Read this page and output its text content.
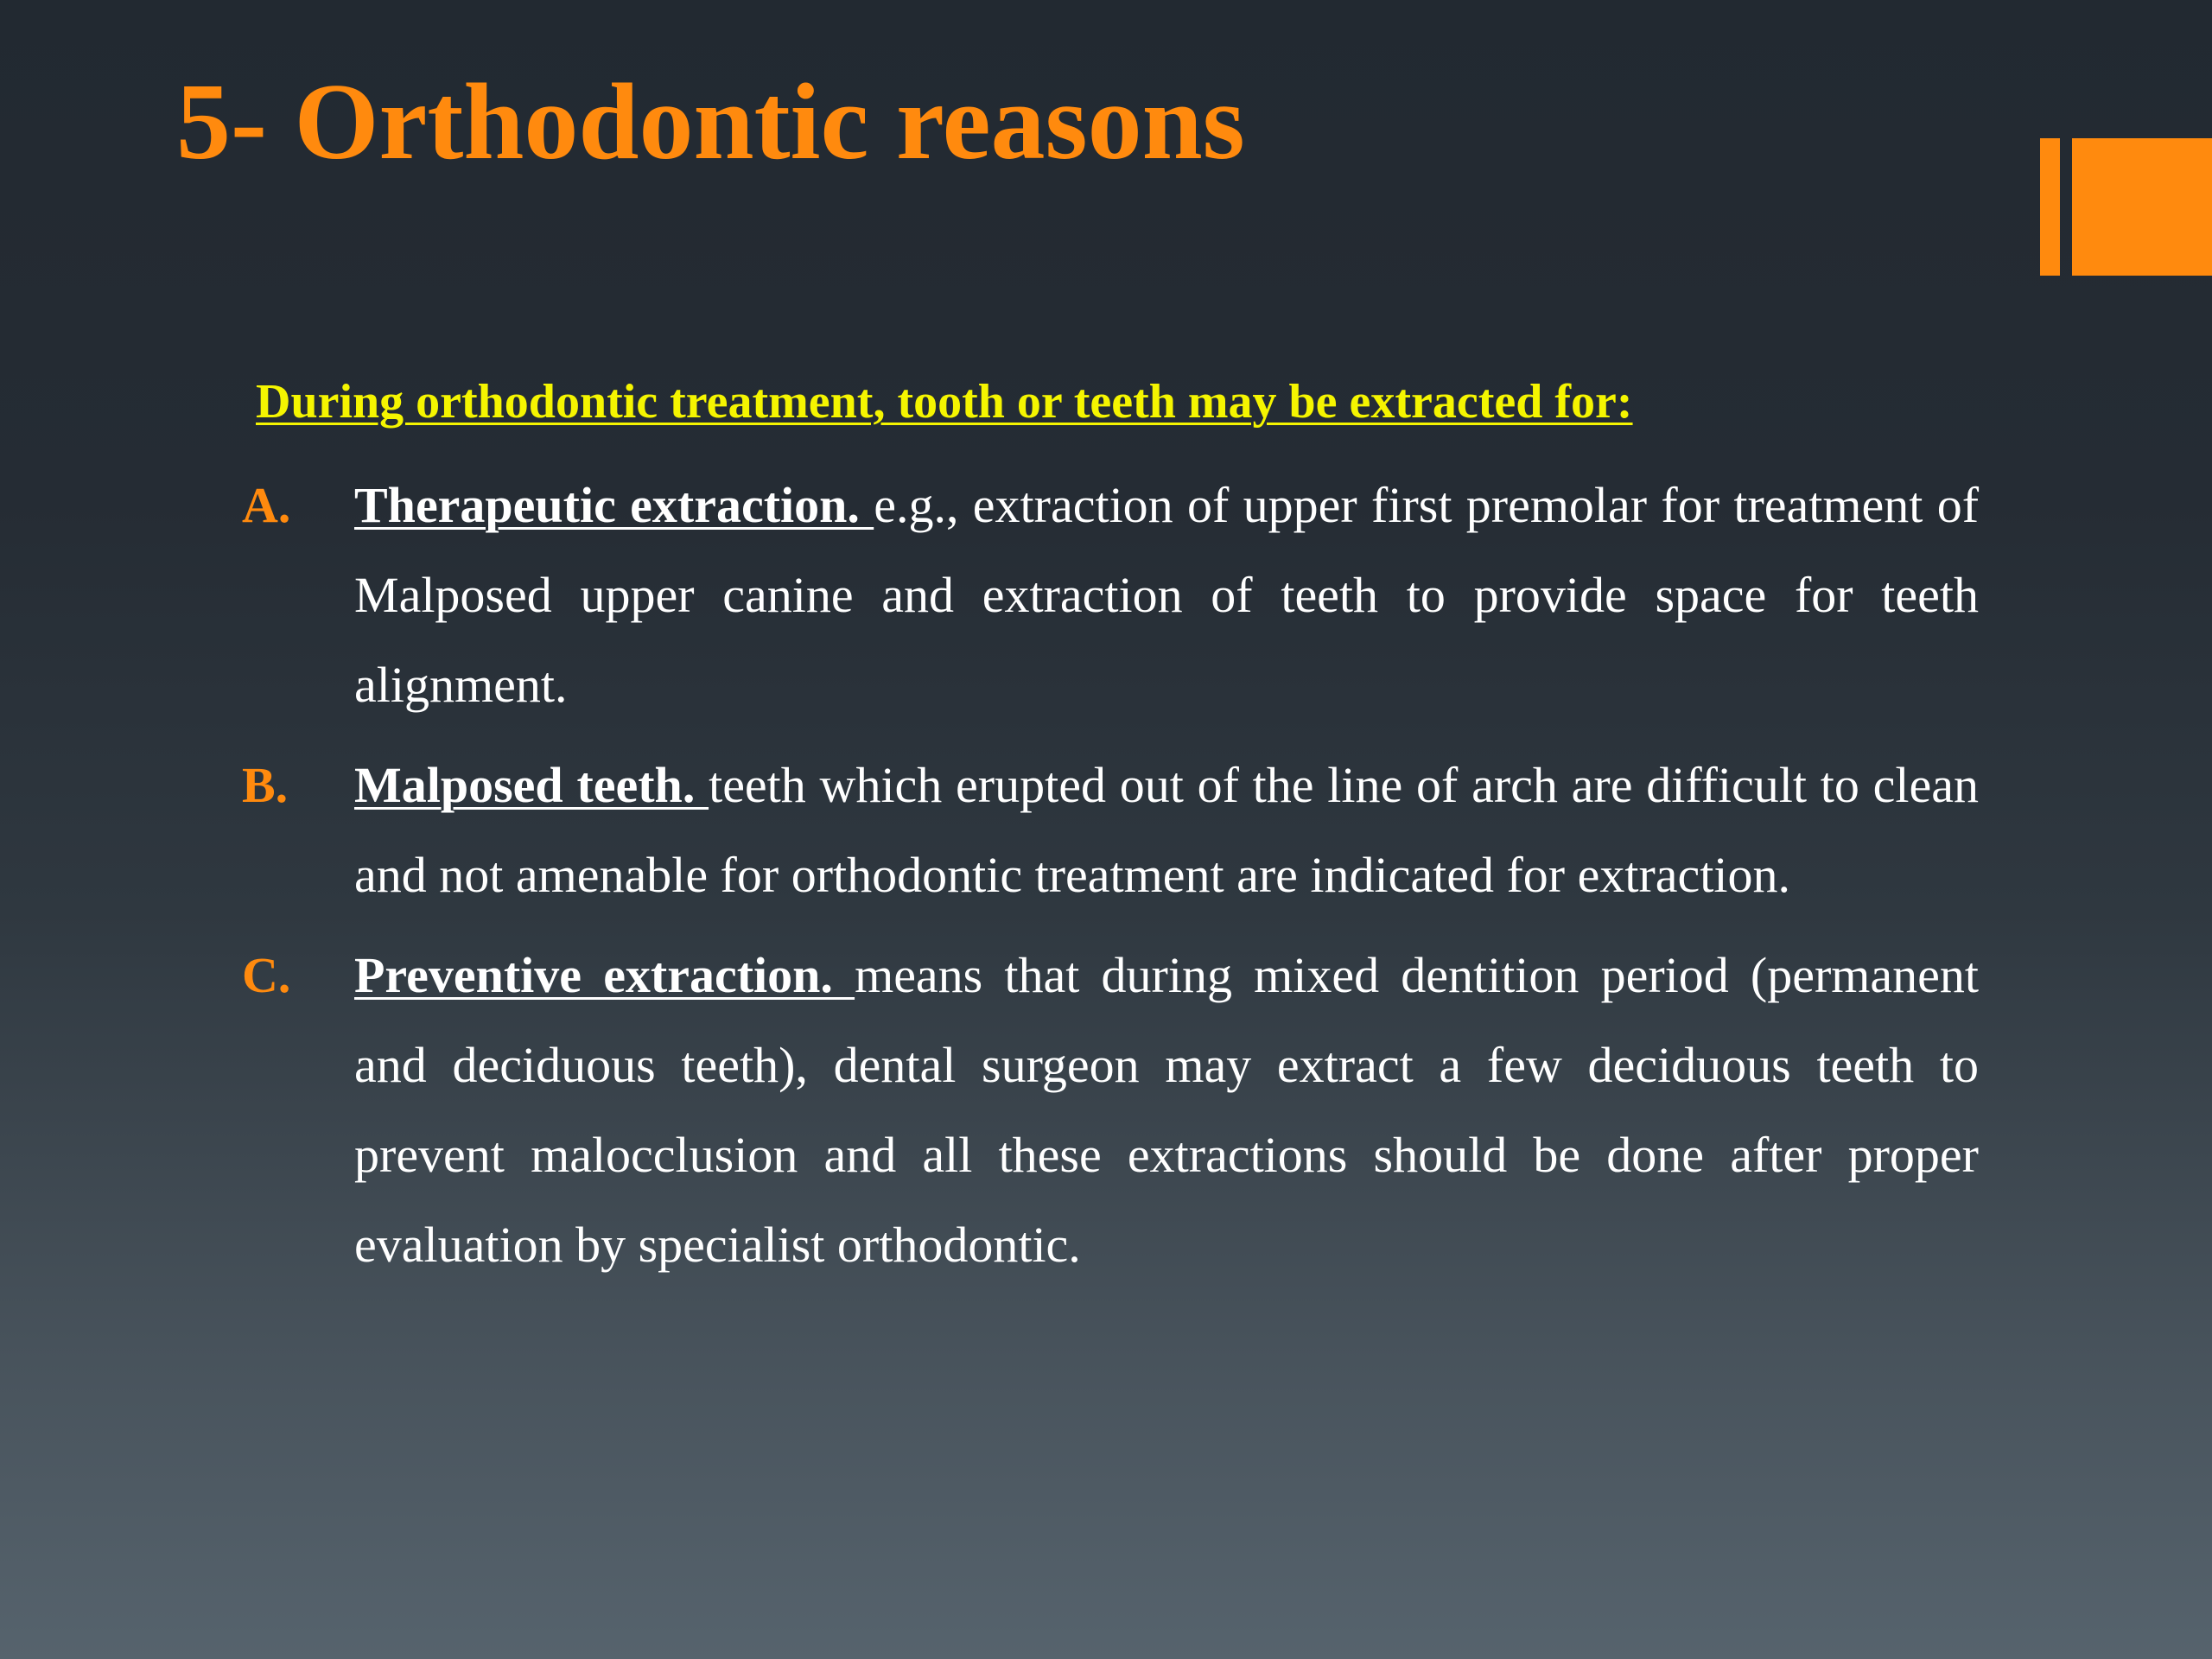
5- Orthodontic reasons

During orthodontic treatment, tooth or teeth may be extracted for:

A. Therapeutic extraction. e.g., extraction of upper first premolar for treatment of Malposed upper canine and extraction of teeth to provide space for teeth alignment.
B. Malposed teeth. teeth which erupted out of the line of arch are difficult to clean and not amenable for orthodontic treatment are indicated for extraction.
C. Preventive extraction. means that during mixed dentition period (permanent and deciduous teeth), dental surgeon may extract a few deciduous teeth to prevent malocclusion and all these extractions should be done after proper evaluation by specialist orthodontic.
